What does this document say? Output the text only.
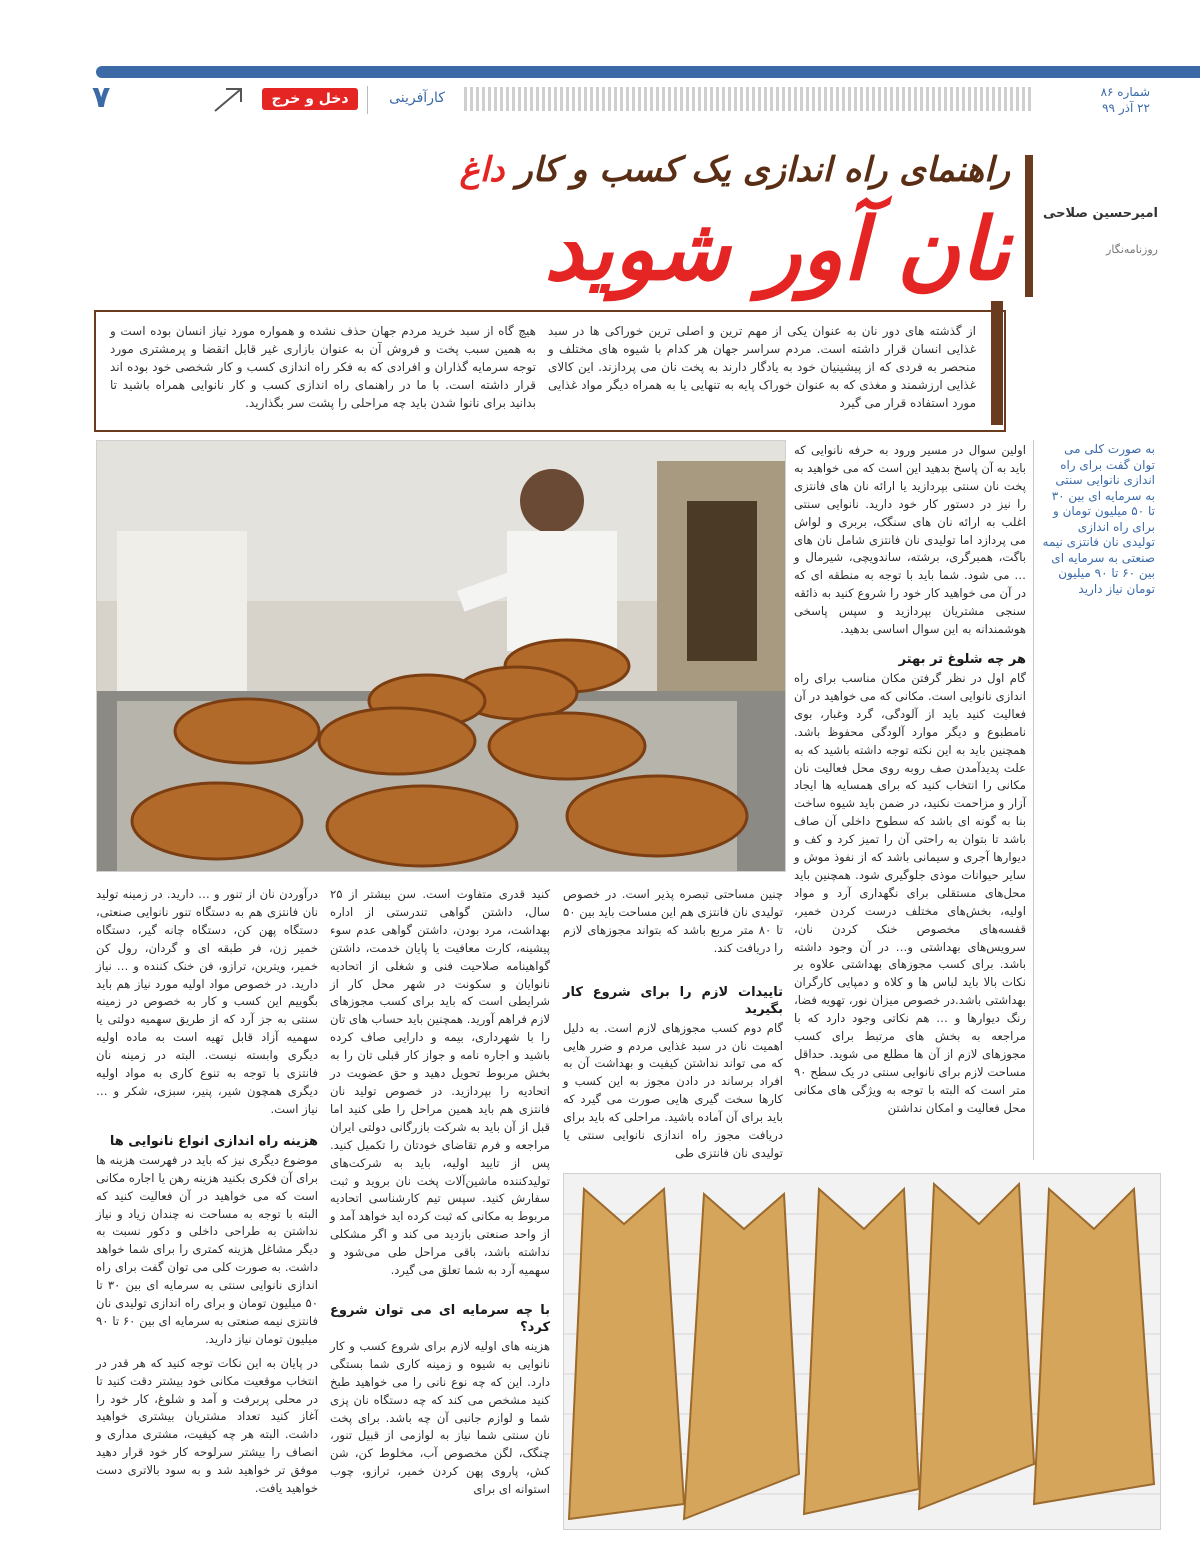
۷	دخل و خرج	کارآفرینی	شماره ۸۶
۲۲ آذر ۹۹
امیرحسین صلاحی
روزنامه‌نگار
راهنمای راه اندازی یک کسب و کار داغ
نان آور شوید
از گذشته های دور نان به عنوان یکی از مهم ترین و اصلی ترین خوراکی ها در سبد غذایی انسان قرار داشته است. مردم سراسر جهان هر کدام با شیوه های مختلف و منحصر به فردی که از پیشینیان خود به یادگار دارند به پخت نان می پردازند. این کالای غذایی ارزشمند و مغذی که به عنوان خوراک پایه به تنهایی یا به همراه دیگر مواد غذایی مورد استفاده قرار می گیرد
هیچ گاه از سبد خرید مردم جهان حذف نشده و همواره مورد نیاز انسان بوده است و به همین سبب پخت و فروش آن به عنوان بازاری غیر قابل انقضا و پرمشتری مورد توجه سرمایه گذاران و افرادی که به فکر راه اندازی کسب و کار شخصی خود بوده اند قرار داشته است. با ما در راهنمای راه اندازی کسب و کار نانوایی همراه باشید تا بدانید برای نانوا شدن باید چه مراحلی را پشت سر بگذارید.
به صورت کلی می توان گفت برای راه اندازی نانوایی سنتی به سرمایه ای بین ۳۰ تا ۵۰ میلیون تومان و برای راه اندازی تولیدی نان فانتزی نیمه صنعتی به سرمایه ای بین ۶۰ تا ۹۰ میلیون تومان نیاز دارید

اولین سوال در مسیر ورود به حرفه نانوایی که باید به آن پاسخ بدهید این است که می خواهید به پخت نان سنتی بپردازید یا ارائه نان های فانتزی را نیز در دستور کار خود دارید. نانوایی سنتی اغلب به ارائه نان های سنگک، بربری و لواش می پردازد اما تولیدی نان فانتزی شامل نان های باگت، همبرگری، برشته، ساندویچی، شیرمال و … می شود. شما باید با توجه به منطقه ای که در آن می خواهید کار خود را شروع کنید به ذائقه سنجی مشتریان بپردازید و سپس پاسخی هوشمندانه به این سوال اساسی بدهید.

هر چه شلوغ تر بهتر

گام اول در نظر گرفتن مکان مناسب برای راه اندازی نانوایی است. مکانی که می خواهید در آن فعالیت کنید باید از آلودگی، گرد وغبار، بوی نامطبوع و دیگر موارد آلودگی محفوظ باشد. همچنین باید به این نکته توجه داشته باشید که به علت پدیدآمدن صف روبه روی محل فعالیت نان مکانی را انتخاب کنید که برای همسایه ها ایجاد آزار و مزاحمت نکنید، در ضمن باید شیوه ساخت بنا به گونه ای باشد که سطوح داخلی آن صاف باشد تا بتوان به راحتی آن را تمیز کرد و کف و دیوارها آجری و سیمانی باشد که از نفوذ موش و سایر حیوانات موذی جلوگیری شود. همچنین باید محل‌های مستقلی برای نگهداری آرد و مواد اولیه، بخش‌های مختلف درست کردن خمیر، قفسه‌های مخصوص خنک کردن نان، سرویس‌های بهداشتی و… در آن وجود داشته باشد. برای کسب مجوزهای بهداشتی علاوه بر نکات بالا باید لباس ها و کلاه و دمپایی کارگران بهداشتی باشد.در خصوص میزان نور، تهویه فضا، رنگ دیوارها و … هم نکاتی وجود دارد که با مراجعه به بخش های مرتبط برای کسب مجوزهای لازم از آن ها مطلع می شوید. حداقل مساحت لازم برای نانوایی سنتی در یک سطح ۹۰ متر است که البته با توجه به ویژگی های مکانی محل فعالیت و امکان نداشتن

چنین مساحتی تبصره پذیر است. در خصوص تولیدی نان فانتزی هم این مساحت باید بین ۵۰ تا ۸۰ متر مربع باشد که بتواند مجوزهای لازم را دریافت کند.

تاییدات لازم را برای شروع کار بگیرید

گام دوم کسب مجوزهای لازم است. به دلیل اهمیت نان در سبد غذایی مردم و ضرر هایی که می تواند نداشتن کیفیت و بهداشت آن به افراد برساند در دادن مجوز به این کسب و کارها سخت گیری هایی صورت می گیرد که باید برای آن آماده باشید. مراحلی که باید برای دریافت مجوز راه اندازی نانوایی سنتی یا تولیدی نان فانتزی طی

کنید قدری متفاوت است. سن بیشتر از ۲۵ سال، داشتن گواهی تندرستی از اداره بهداشت، مرد بودن، داشتن گواهی عدم سوء پیشینه، کارت معافیت یا پایان خدمت، داشتن گواهینامه صلاحیت فنی و شغلی از اتحادیه نانوایان و سکونت در شهر محل کار از شرایطی است که باید برای کسب مجوزهای لازم فراهم آورید. همچنین باید حساب های تان را با شهرداری، بیمه و دارایی صاف کرده باشید و اجاره نامه و جواز کار قبلی تان را به بخش مربوط تحویل دهید و حق عضویت در اتحادیه را بپردازید. در خصوص تولید نان فانتزی هم باید همین مراحل را طی کنید اما قبل از آن باید به شرکت بازرگانی دولتی ایران مراجعه و فرم تقاضای خودتان را تکمیل کنید. پس از تایید اولیه، باید به شرکت‌های تولیدکننده ماشین‌آلات پخت نان بروید و ثبت سفارش کنید. سپس تیم کارشناسی اتحادیه مربوط به مکانی که ثبت کرده اید خواهد آمد و از واحد صنعتی بازدید می کند و اگر مشکلی نداشته باشد، باقی مراحل طی می‌شود و سهمیه آرد به شما تعلق می گیرد.

با چه سرمایه ای می توان شروع کرد؟

هزینه های اولیه لازم برای شروع کسب و کار نانوایی به شیوه و زمینه کاری شما بستگی دارد. این که چه نوع نانی را می خواهید طبخ کنید مشخص می کند که چه دستگاه نان پزی شما و لوازم جانبی آن چه باشد. برای پخت نان سنتی شما نیاز به لوازمی از قبیل تنور، چنگک، لگن مخصوص آب، مخلوط کن، شن کش، پاروی پهن کردن خمیر، ترازو، چوب استوانه ای برای

درآوردن نان از تنور و … دارید. در زمینه تولید نان فانتزی هم به دستگاه تنور نانوایی صنعتی، دستگاه پهن کن، دستگاه چانه گیر، دستگاه خمیر زن، فر طبقه ای و گردان، رول کن خمیر، ویترین، ترازو، فن خنک کننده و … نیاز دارید. در خصوص مواد اولیه مورد نیاز هم باید بگوییم این کسب و کار به خصوص در زمینه سنتی به جز آرد که از طریق سهمیه دولتی یا سهمیه آزاد قابل تهیه است به ماده اولیه دیگری وابسته نیست. البته در زمینه نان فانتزی با توجه به تنوع کاری به مواد اولیه دیگری همچون شیر، پنیر، سبزی، شکر و … نیاز است.

هزینه راه اندازی انواع نانوایی ها

موضوع دیگری نیز که باید در فهرست هزینه ها برای آن فکری بکنید هزینه رهن یا اجاره مکانی است که می خواهید در آن فعالیت کنید که البته با توجه به مساحت نه چندان زیاد و نیاز نداشتن به طراحی داخلی و دکور نسبت به دیگر مشاغل هزینه کمتری را برای شما خواهد داشت. به صورت کلی می توان گفت برای راه اندازی نانوایی سنتی به سرمایه ای بین ۳۰ تا ۵۰ میلیون تومان و برای راه اندازی تولیدی نان فانتزی نیمه صنعتی به سرمایه ای بین ۶۰ تا ۹۰ میلیون تومان نیاز دارید.

در پایان به این نکات توجه کنید که هر قدر در انتخاب موقعیت مکانی خود بیشتر دقت کنید تا در محلی پربرفت و آمد و شلوغ، کار خود را آغاز کنید تعداد مشتریان بیشتری خواهید داشت. البته هر چه کیفیت، مشتری مداری و انصاف را بیشتر سرلوحه کار خود قرار دهید موفق تر خواهید شد و به سود بالاتری دست خواهید یافت.
